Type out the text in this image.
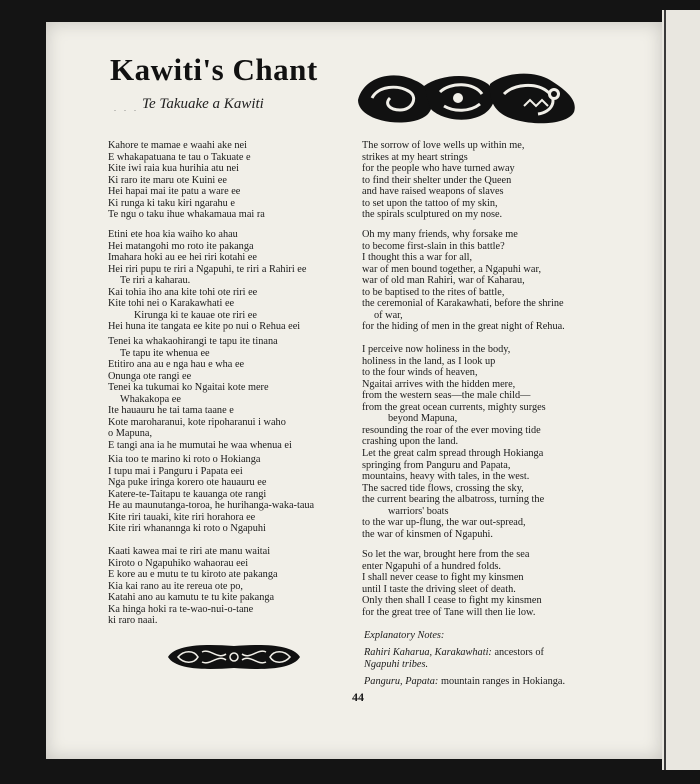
Kawiti's Chant
. . . Te Takuake a Kawiti
Kahore te mamae e waahi ake nei
E whakapatuana te tau o Takuate e
Kite iwi raia kua hurihia atu nei
Ki raro ite maru ote Kuini ee
Hei hapai mai ite patu a ware ee
Ki runga ki taku kiri ngarahu e
Te ngu o taku ihue whakamaua mai ra
The sorrow of love wells up within me,
strikes at my heart strings
for the people who have turned away
to find their shelter under the Queen
and have raised weapons of slaves
to set upon the tattoo of my skin,
the spirals sculptured on my nose.
Etini ete hoa kia waiho ko ahau
Hei matangohi mo roto ite pakanga
Imahara hoki au ee hei riri kotahi ee
Hei riri pupu te riri a Ngapuhi, te riri a Rahiri ee
Te riri a kaharau.
Kai tohia iho ana kite tohi ote riri ee
Kite tohi nei o Karakawhati ee
Kirunga ki te kauae ote riri ee
Hei huna ite tangata ee kite po nui o Rehua eei
Oh my many friends, why forsake me
to become first-slain in this battle?
I thought this a war for all,
war of men bound together, a Ngapuhi war,
war of old man Rahiri, war of Kaharau,
to be baptised to the rites of battle,
the ceremonial of Karakawhati, before the shrine
of war,
for the hiding of men in the great night of Rehua.
Tenei ka whakaohirangi te tapu ite tinana
Te tapu ite whenua ee
Etitiro ana au e nga hau e wha ee
Onunga ote rangi ee
Tenei ka tukumai ko Ngaitai kote mere
Whakakopa ee
Ite hauauru he tai tama taane e
Kote maroharanui, kote ripoharanui i waho
o Mapuna,
E tangi ana ia he mumutai he waa whenua ei
I perceive now holiness in the body,
holiness in the land, as I look up
to the four winds of heaven,
Ngaitai arrives with the hidden mere,
from the western seas—the male child—
from the great ocean currents, mighty surges
beyond Mapuna,
resounding the roar of the ever moving tide
crashing upon the land.
Kia too te marino ki roto o Hokianga
I tupu mai i Panguru i Papata eei
Nga puke iringa korero ote hauauru ee
Katere-te-Taitapu te kauanga ote rangi
He au maunutanga-toroa, he hurihanga-waka-taua
Kite riri tauaki, kite riri horahora ee
Kite riri whanannga ki roto o Ngapuhi
Let the great calm spread through Hokianga
springing from Panguru and Papata,
mountains, heavy with tales, in the west.
The sacred tide flows, crossing the sky,
the current bearing the albatross, turning the
warriors' boats
to the war up-flung, the war out-spread,
the war of kinsmen of Ngapuhi.
Kaati kawea mai te riri ate manu waitai
Kiroto o Ngapuhiko wahaorau eei
E kore au e mutu te tu kiroto ate pakanga
Kia kai rano au ite rereua ote po,
Katahi ano au kamutu te tu kite pakanga
Ka hinga hoki ra te-wao-nui-o-tane
ki raro naai.
So let the war, brought here from the sea
enter Ngapuhi of a hundred folds.
I shall never cease to fight my kinsmen
until I taste the driving sleet of death.
Only then shall I cease to fight my kinsmen
for the great tree of Tane will then lie low.
Explanatory Notes:
Rahiri Kaharua, Karakawhati: ancestors of
Ngapuhi tribes.
Panguru, Papata: mountain ranges in Hokianga.
44
